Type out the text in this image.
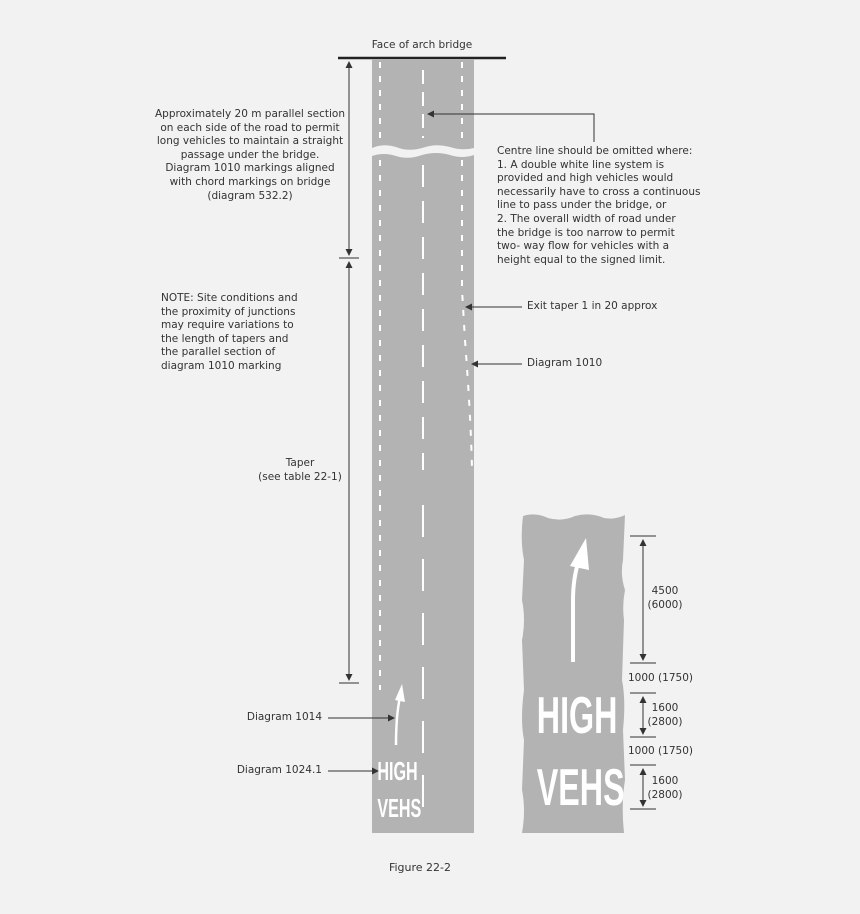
Face of arch bridge
Approximately 20 m parallel section
on each side of the road to permit
long vehicles to maintain a straight
passage under the bridge.
Diagram 1010 markings aligned
with chord markings on bridge
(diagram 532.2)
Centre line should be omitted where:
1. A double white line system is
provided and high vehicles would
necessarily have to cross a continuous
line to pass under the bridge, or
2. The overall width of road under
the bridge is too narrow to permit
two- way flow for vehicles with a
height equal to the signed limit.
NOTE: Site conditions and
the proximity of junctions
may require variations to
the length of tapers and
the parallel section of
diagram 1010 marking
Exit taper 1 in 20 approx
Diagram 1010
Taper
(see table 22-1)
Diagram 1014
Diagram 1024.1 HIGH
VEHS
HIGH
VEHS
4500
(6000)
1000 (1750)
1600
(2800)
1000 (1750)
1600
(2800)
Figure 22-2
